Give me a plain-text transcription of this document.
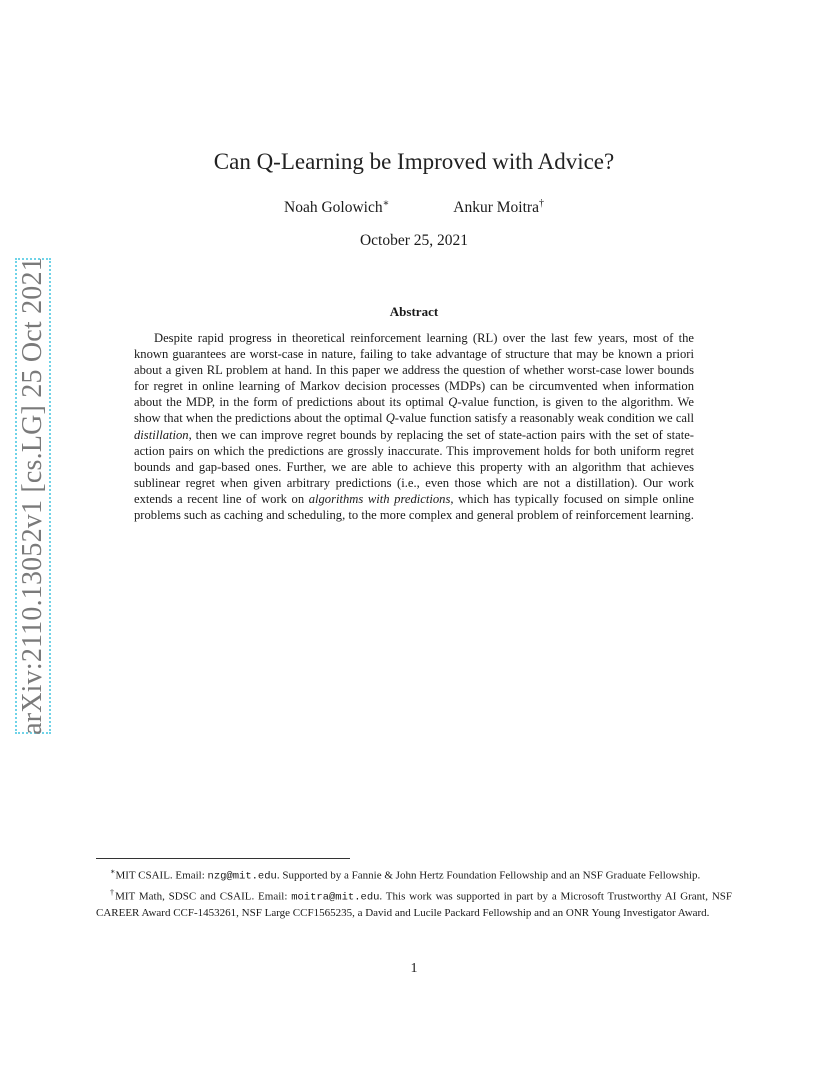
arXiv:2110.13052v1 [cs.LG] 25 Oct 2021
Can Q-Learning be Improved with Advice?
Noah Golowich∗	Ankur Moitra†
October 25, 2021
Abstract
Despite rapid progress in theoretical reinforcement learning (RL) over the last few years, most of the known guarantees are worst-case in nature, failing to take advantage of structure that may be known a priori about a given RL problem at hand. In this paper we address the question of whether worst-case lower bounds for regret in online learning of Markov decision processes (MDPs) can be circumvented when information about the MDP, in the form of predictions about its optimal Q-value function, is given to the algorithm. We show that when the predictions about the optimal Q-value function satisfy a reasonably weak condition we call distillation, then we can improve regret bounds by replacing the set of state-action pairs with the set of state-action pairs on which the predictions are grossly inaccurate. This improvement holds for both uniform regret bounds and gap-based ones. Further, we are able to achieve this property with an algorithm that achieves sublinear regret when given arbitrary predictions (i.e., even those which are not a distillation). Our work extends a recent line of work on algorithms with predictions, which has typically focused on simple online problems such as caching and scheduling, to the more complex and general problem of reinforcement learning.

∗MIT CSAIL. Email: nzg@mit.edu. Supported by a Fannie & John Hertz Foundation Fellowship and an NSF Graduate Fellowship.

†MIT Math, SDSC and CSAIL. Email: moitra@mit.edu. This work was supported in part by a Microsoft Trustworthy AI Grant, NSF CAREER Award CCF-1453261, NSF Large CCF1565235, a David and Lucile Packard Fellowship and an ONR Young Investigator Award.

1
